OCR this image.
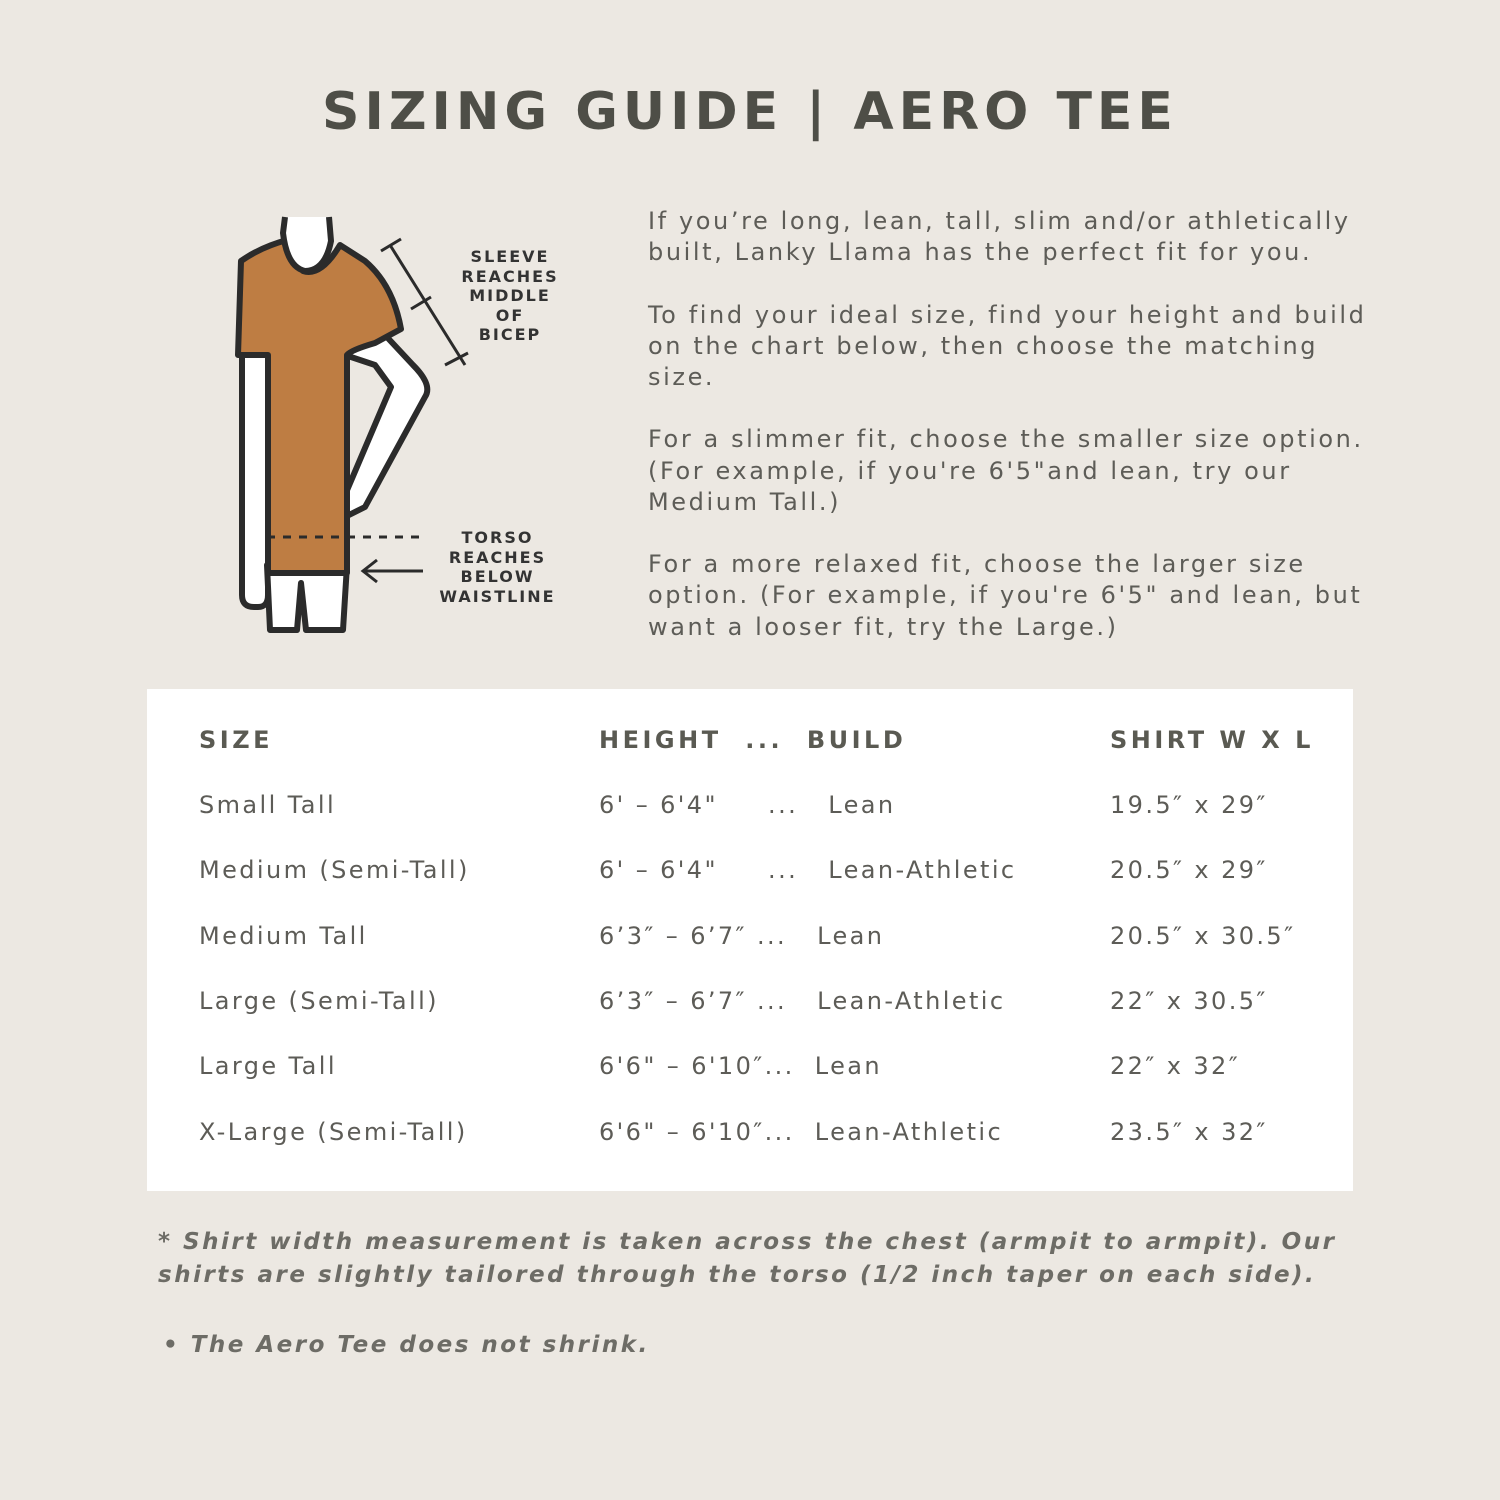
SIZING GUIDE | AERO TEE

SLEEVE
REACHES
MIDDLE
OF
BICEP

TORSO
REACHES
BELOW
WAISTLINE

If you’re long, lean, tall, slim and/or athletically built, Lanky Llama has the perfect fit for you.

To find your ideal size, find your height and build on the chart below, then choose the matching size.

For a slimmer fit, choose the smaller size option. (For example, if you're 6'5"and lean, try our Medium Tall.)

For a more relaxed fit, choose the larger size option. (For example, if you're 6'5" and lean, but want a looser fit, try the Large.)

SIZE	HEIGHT  ...  BUILD	SHIRT W X L

Small Tall	6' – 6'4"     ...   Lean	19.5″ x 29″
Medium (Semi-Tall)	6' – 6'4"     ...   Lean-Athletic	20.5″ x 29″
Medium Tall	6’3″ – 6’7″ ...   Lean	20.5″ x 30.5″
Large (Semi-Tall)	6’3″ – 6’7″ ...   Lean-Athletic	22″ x 30.5″
Large Tall	6'6" – 6'10″...  Lean	22″ x 32″
X-Large (Semi-Tall)	6'6" – 6'10″...  Lean-Athletic	23.5″ x 32″

* Shirt width measurement is taken across the chest (armpit to armpit). Our shirts are slightly tailored through the torso (1/2 inch taper on each side).

• The Aero Tee does not shrink.
